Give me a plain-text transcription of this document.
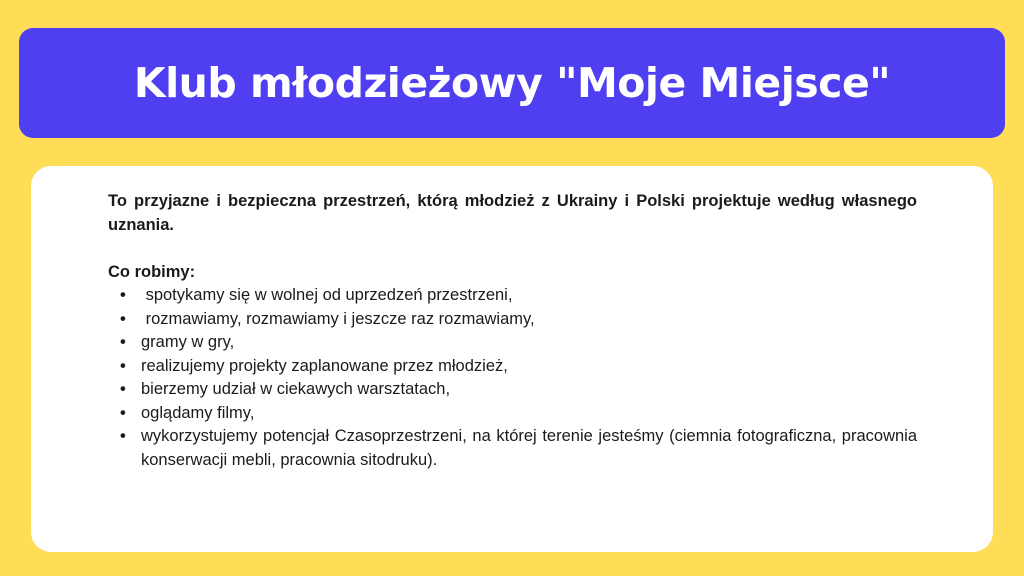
Klub młodzieżowy "Moje Miejsce"

To przyjazne i bezpieczna przestrzeń, którą młodzież z Ukrainy i Polski projektuje według własnego uznania.

Co robimy:

• spotykamy się w wolnej od uprzedzeń przestrzeni,
• rozmawiamy, rozmawiamy i jeszcze raz rozmawiamy,
• gramy w gry,
• realizujemy projekty zaplanowane przez młodzież,
• bierzemy udział w ciekawych warsztatach,
• oglądamy filmy,
• wykorzystujemy potencjał Czasoprzestrzeni, na której terenie jesteśmy (ciemnia fotograficzna, pracownia konserwacji mebli, pracownia sitodruku).
